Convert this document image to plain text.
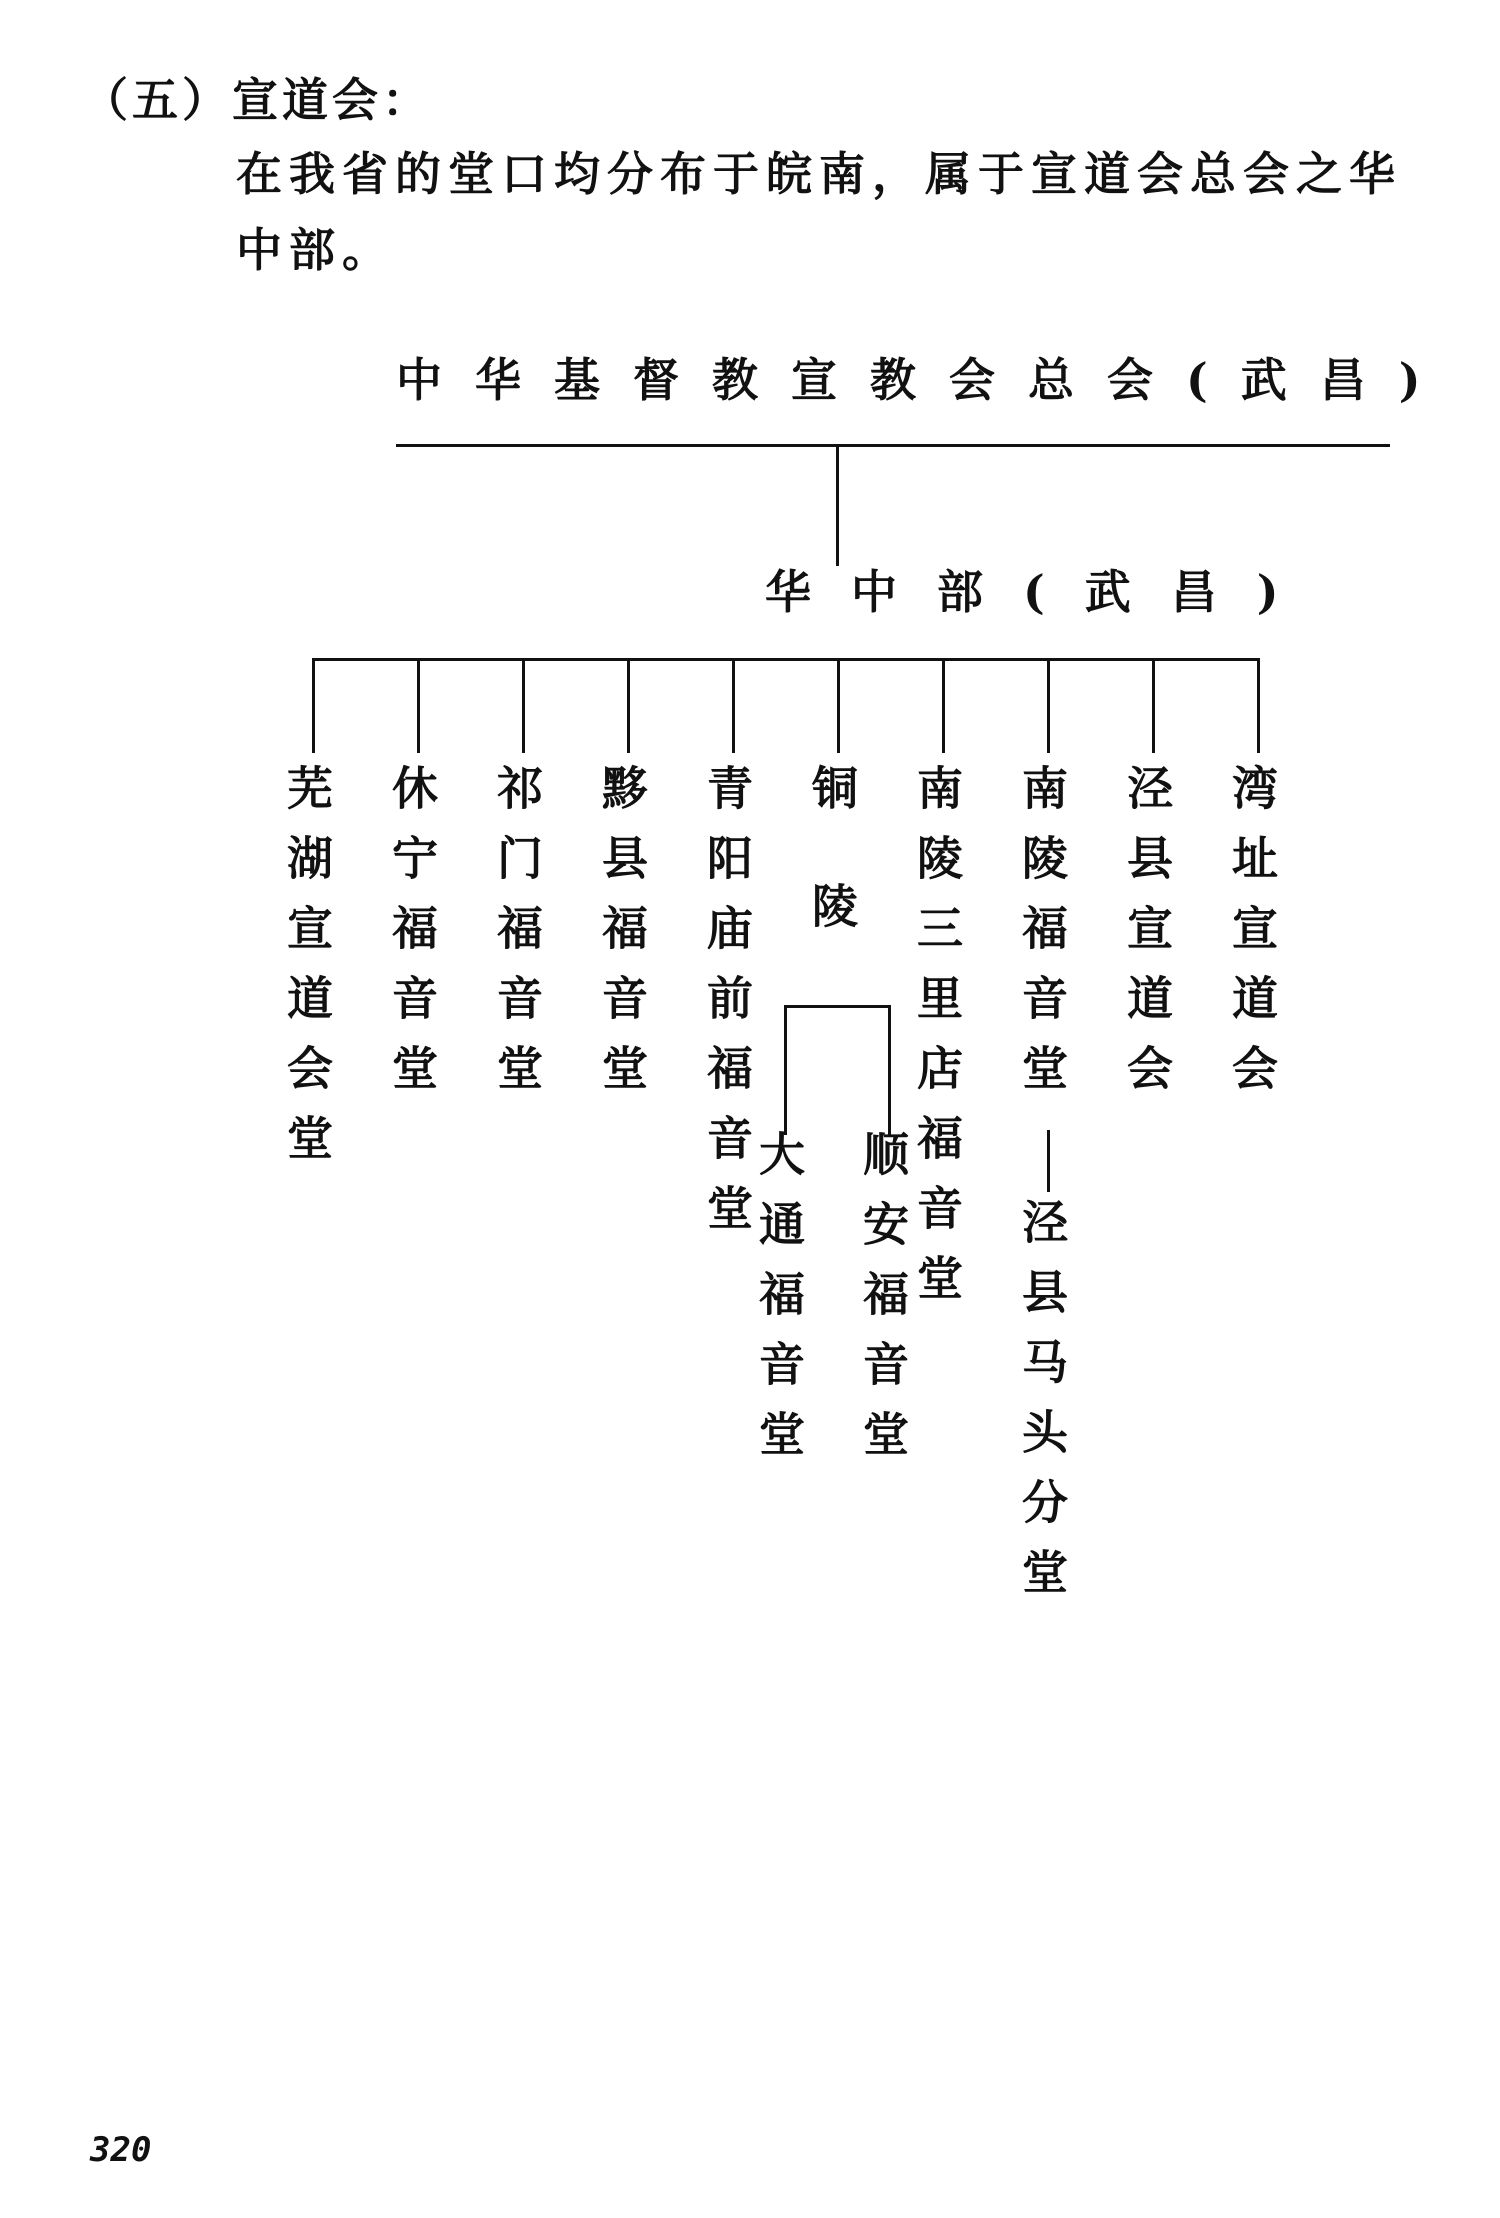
（五）宣道会：
在我省的堂口均分布于皖南，属于宣道会总会之华中部。
中华基督教宣教会总会(武昌)
华中部(武昌)
芜湖宣道会堂 休宁福音堂 祁门福音堂 黟县福音堂 青阳庙前福音堂 铜陵 南陵三里店福音堂 南陵福音堂 泾县宣道会 湾址宣道会
大通福音堂 顺安福音堂 泾县马头分堂
320
